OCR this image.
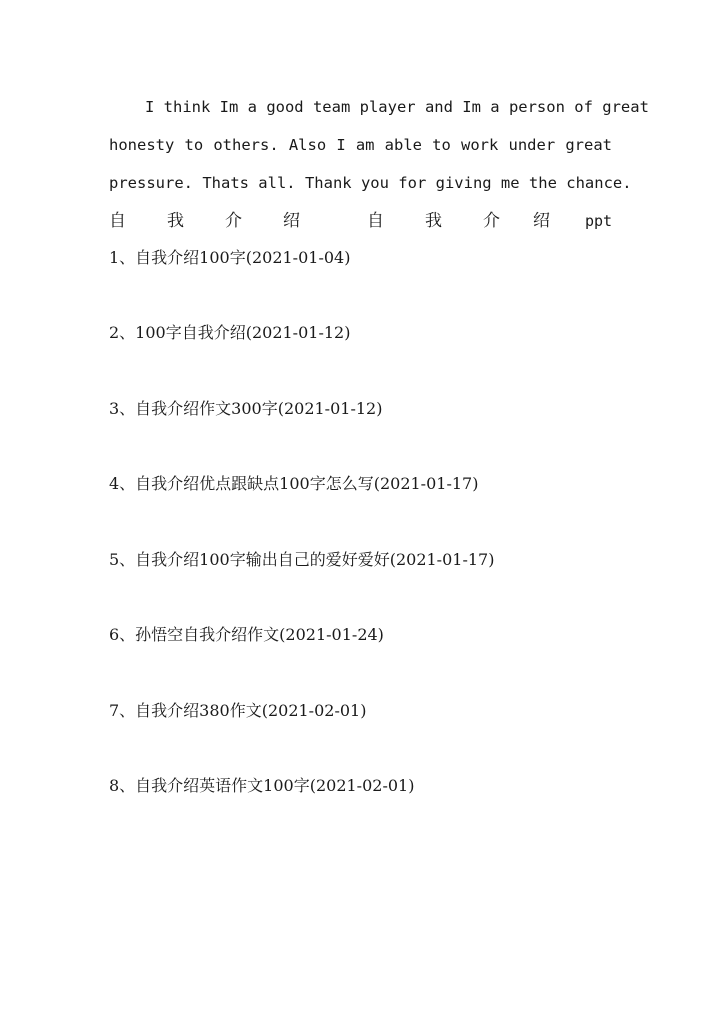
I think Im a good team player and Im a person of great
honesty to others. Also I am able to work under great
pressure. Thats all. Thank you for giving me the chance.
自 我 介 绍	自 我 介 绍 ppt
1、自我介绍100字(2021-01-04)
2、100字自我介绍(2021-01-12)
3、自我介绍作文300字(2021-01-12)
4、自我介绍优点跟缺点100字怎么写(2021-01-17)
5、自我介绍100字输出自己的爱好爱好(2021-01-17)
6、孙悟空自我介绍作文(2021-01-24)
7、自我介绍380作文(2021-02-01)
8、自我介绍英语作文100字(2021-02-01)
